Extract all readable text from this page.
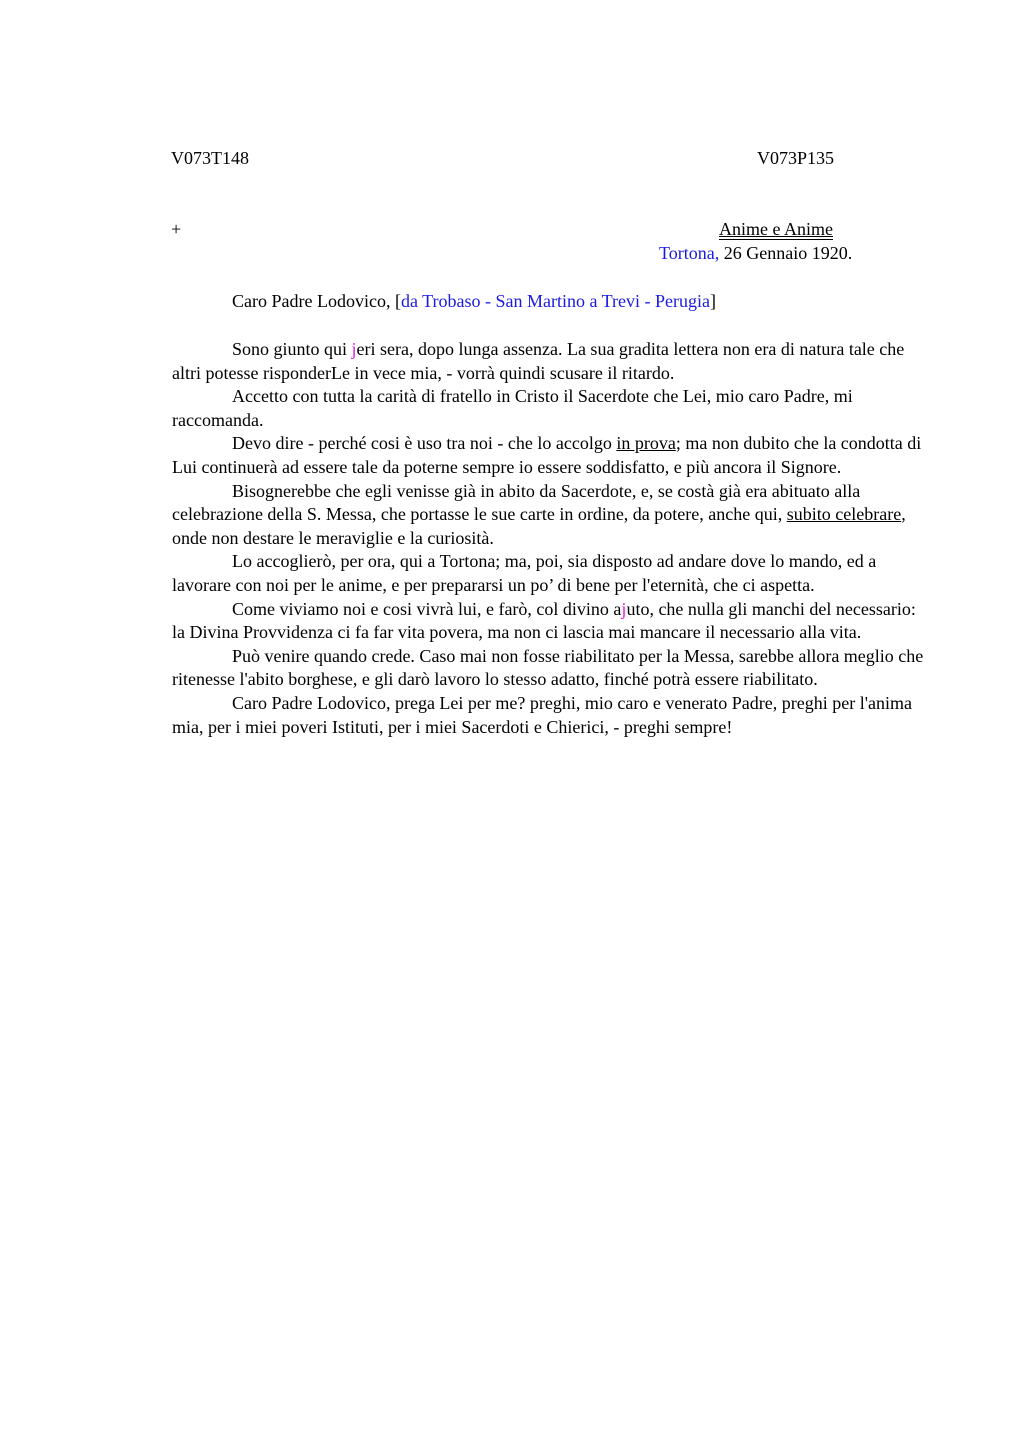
V073T148	V073P135
+	Anime e Anime
Tortona, 26 Gennaio 1920.
Caro Padre Lodovico, [da Trobaso - San Martino a Trevi - Perugia]

Sono giunto qui jeri sera, dopo lunga assenza. La sua gradita lettera non era di natura tale che altri potesse risponderLe in vece mia, - vorrà quindi scusare il ritardo.

Accetto con tutta la carità di fratello in Cristo il Sacerdote che Lei, mio caro Padre, mi raccomanda.

Devo dire - perché cosi è uso tra noi - che lo accolgo in prova; ma non dubito che la condotta di Lui continuerà ad essere tale da poterne sempre io essere soddisfatto, e più ancora il Signore.

Bisognerebbe che egli venisse già in abito da Sacerdote, e, se costà già era abituato alla celebrazione della S. Messa, che portasse le sue carte in ordine, da potere, anche qui, subito celebrare, onde non destare le meraviglie e la curiosità.

Lo accoglierò, per ora, qui a Tortona; ma, poi, sia disposto ad andare dove lo mando, ed a lavorare con noi per le anime, e per prepararsi un po’ di bene per l'eternità, che ci aspetta.

Come viviamo noi e cosi vivrà lui, e farò, col divino ajuto, che nulla gli manchi del necessario: la Divina Provvidenza ci fa far vita povera, ma non ci lascia mai mancare il necessario alla vita.

Può venire quando crede. Caso mai non fosse riabilitato per la Messa, sarebbe allora meglio che ritenesse l'abito borghese, e gli darò lavoro lo stesso adatto, finché potrà essere riabilitato.

Caro Padre Lodovico, prega Lei per me? preghi, mio caro e venerato Padre, preghi per l'anima mia, per i miei poveri Istituti, per i miei Sacerdoti e Chierici, - preghi sempre!
